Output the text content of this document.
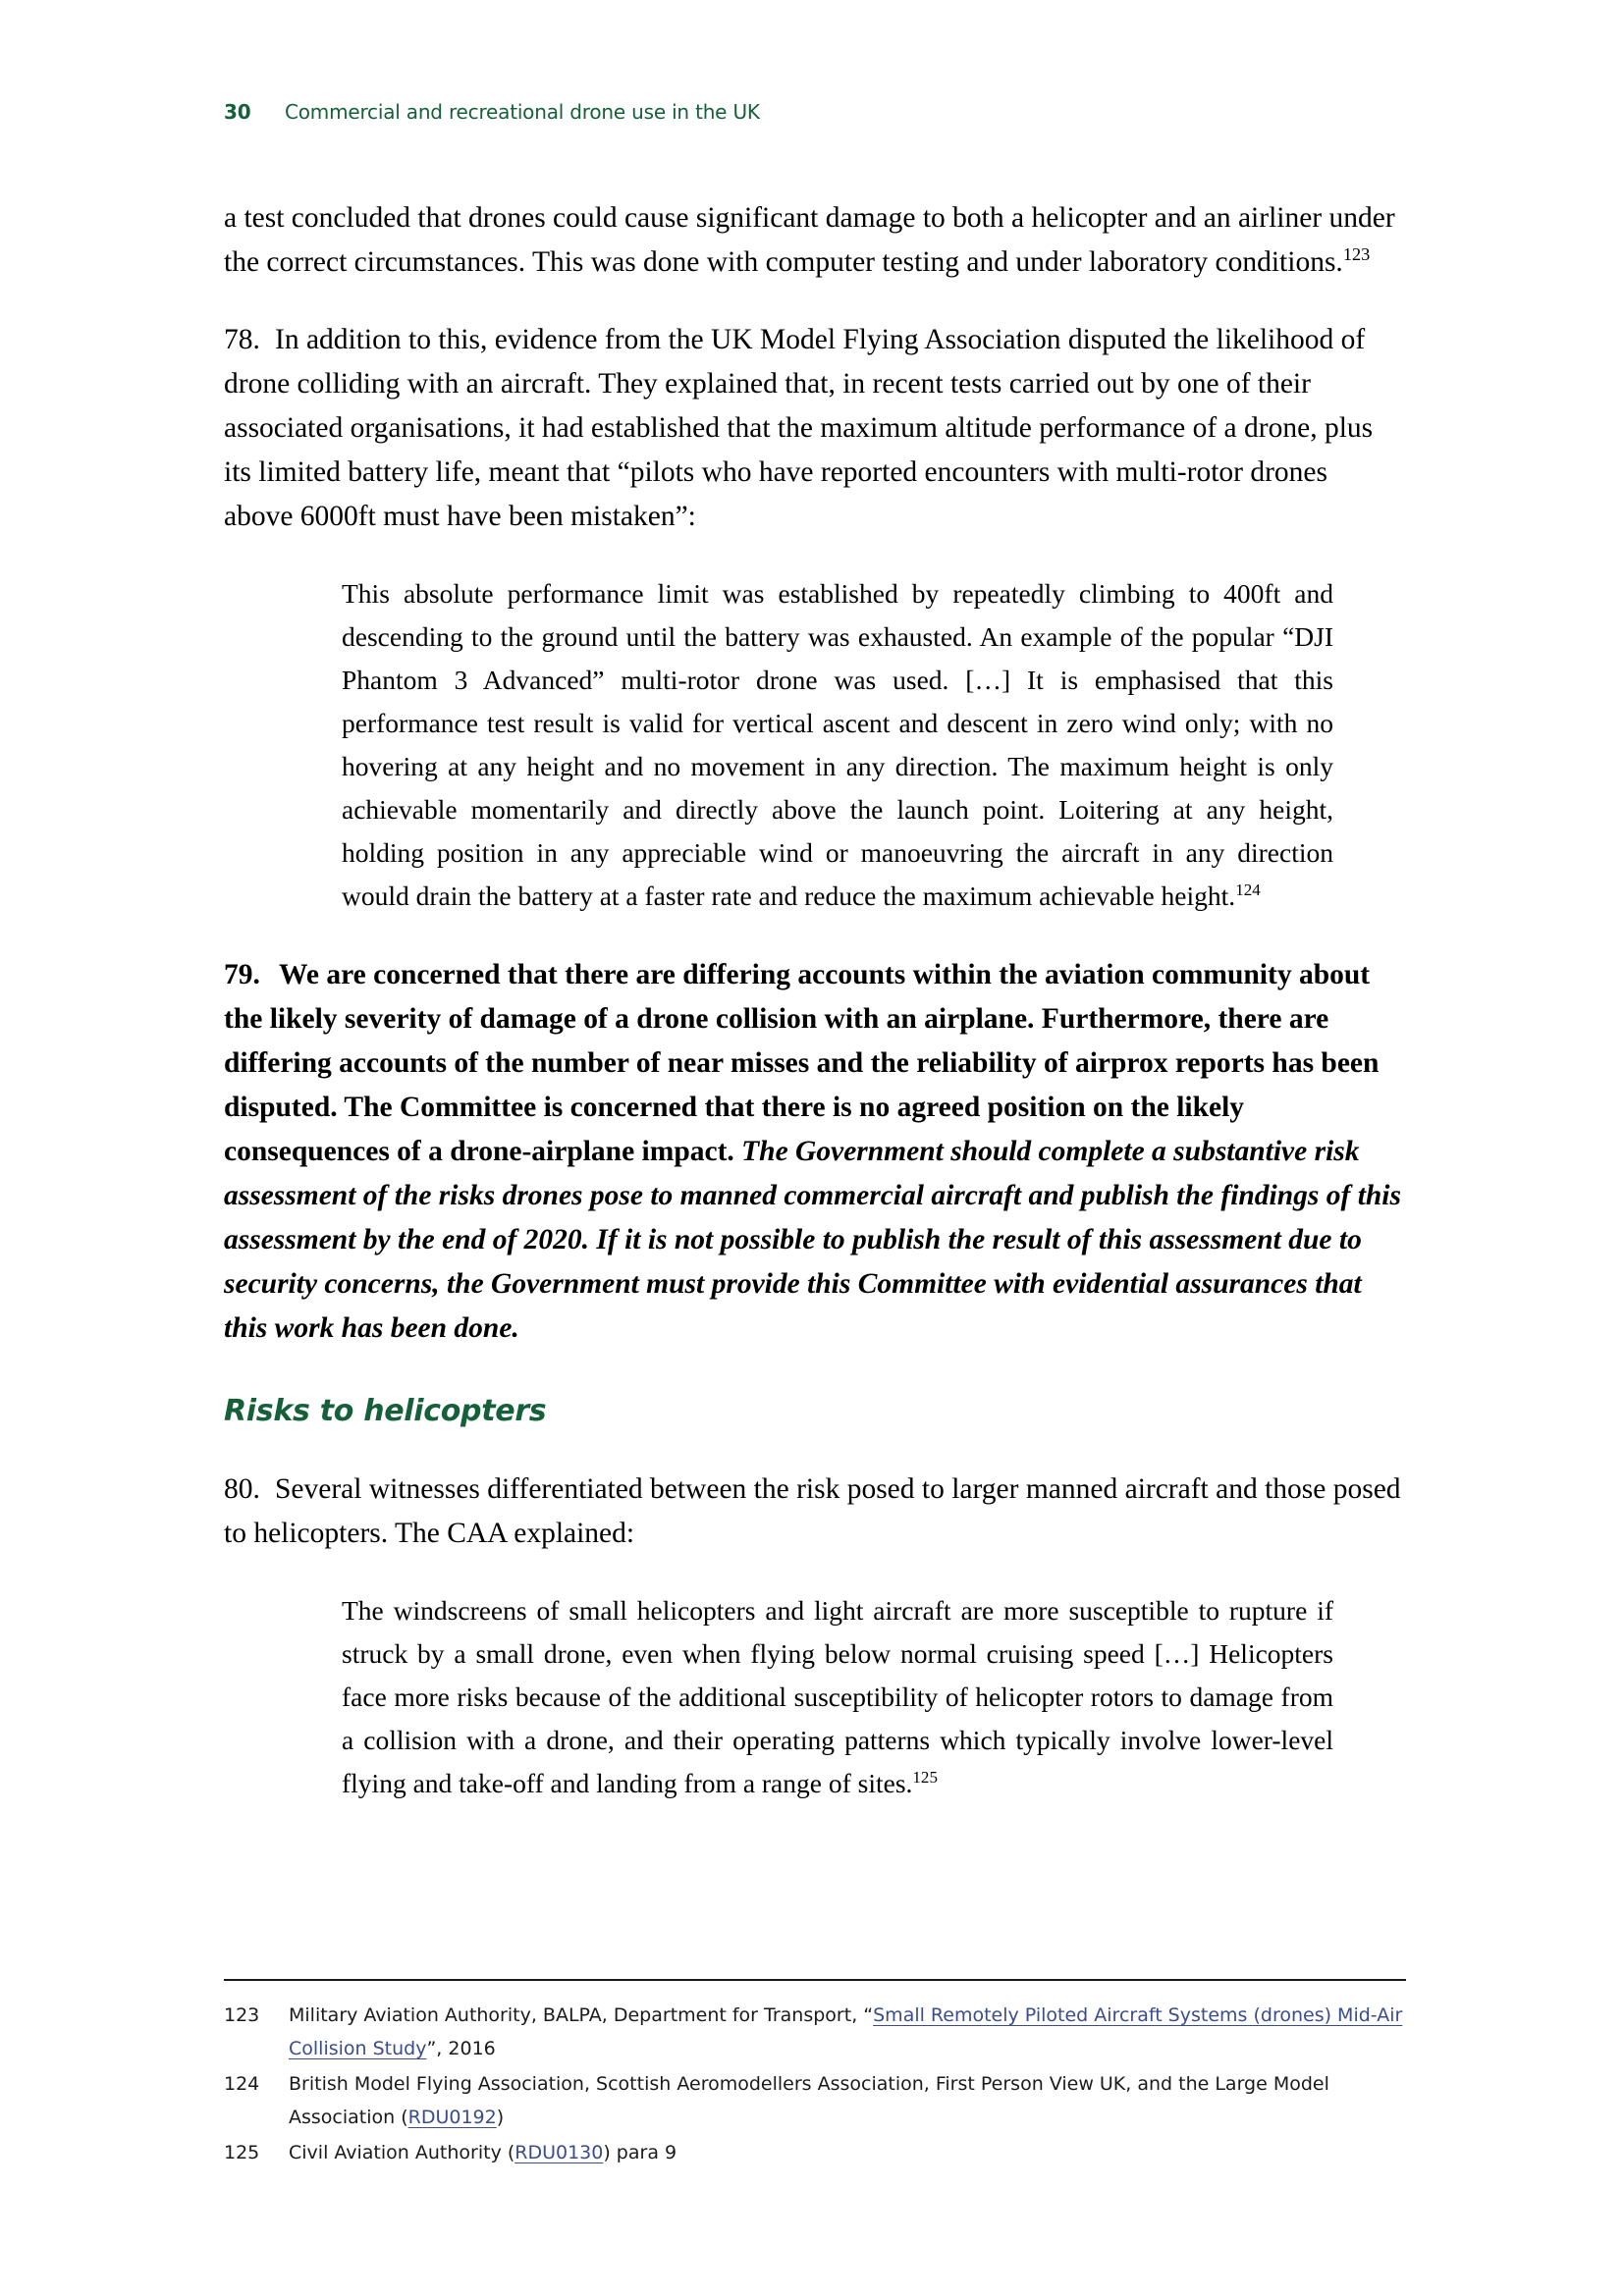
30 Commercial and recreational drone use in the UK

a test concluded that drones could cause significant damage to both a helicopter and an airliner under the correct circumstances. This was done with computer testing and under laboratory conditions.$^{123}$

78. In addition to this, evidence from the UK Model Flying Association disputed the likelihood of drone colliding with an aircraft. They explained that, in recent tests carried out by one of their associated organisations, it had established that the maximum altitude performance of a drone, plus its limited battery life, meant that “pilots who have reported encounters with multi-rotor drones above 6000ft must have been mistaken”:

This absolute performance limit was established by repeatedly climbing to 400ft and descending to the ground until the battery was exhausted. An example of the popular “DJI Phantom 3 Advanced” multi-rotor drone was used. […] It is emphasised that this performance test result is valid for vertical ascent and descent in zero wind only; with no hovering at any height and no movement in any direction. The maximum height is only achievable momentarily and directly above the launch point. Loitering at any height, holding position in any appreciable wind or manoeuvring the aircraft in any direction would drain the battery at a faster rate and reduce the maximum achievable height.$^{124}$

79. We are concerned that there are differing accounts within the aviation community about the likely severity of damage of a drone collision with an airplane. Furthermore, there are differing accounts of the number of near misses and the reliability of airprox reports has been disputed. The Committee is concerned that there is no agreed position on the likely consequences of a drone-airplane impact. The Government should complete a substantive risk assessment of the risks drones pose to manned commercial aircraft and publish the findings of this assessment by the end of 2020. If it is not possible to publish the result of this assessment due to security concerns, the Government must provide this Committee with evidential assurances that this work has been done.

Risks to helicopters

80. Several witnesses differentiated between the risk posed to larger manned aircraft and those posed to helicopters. The CAA explained:

The windscreens of small helicopters and light aircraft are more susceptible to rupture if struck by a small drone, even when flying below normal cruising speed […] Helicopters face more risks because of the additional susceptibility of helicopter rotors to damage from a collision with a drone, and their operating patterns which typically involve lower-level flying and take-off and landing from a range of sites.$^{125}$

123	Military Aviation Authority, BALPA, Department for Transport, “Small Remotely Piloted Aircraft Systems (drones) Mid-Air Collision Study”, 2016
124	British Model Flying Association, Scottish Aeromodellers Association, First Person View UK, and the Large Model Association (RDU0192)
125	Civil Aviation Authority (RDU0130) para 9
